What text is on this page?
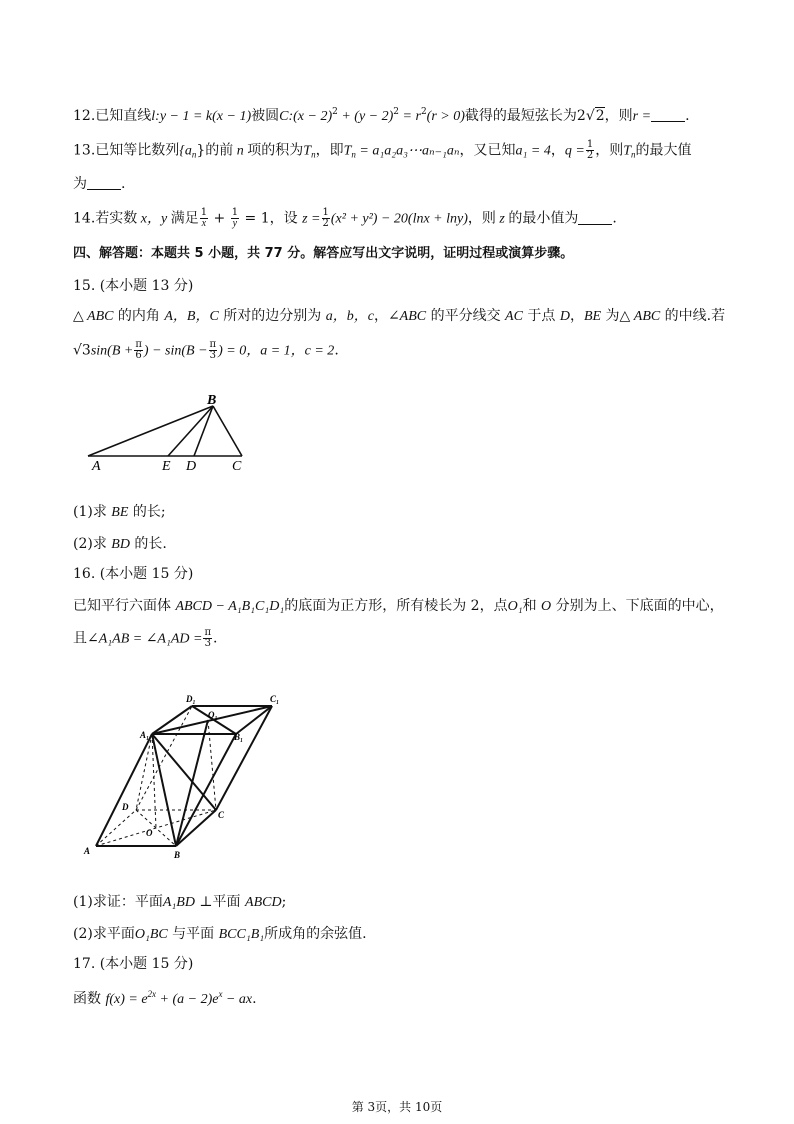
12.已知直线l:y − 1 = k(x − 1)被圆C:(x − $2)^2 + (y - 2)^2 = r^2(r > 0)$截得的最短弦长为2√2，则r = .
13.已知等比数列$\{a_n\}$的前 n 项的积为$T_n$，即$T_n$ = a₁a₂a₃⋯aₙ₋₁aₙ，又已知a₁ = 4，$q = \frac{1}{2}$ ，则$T_n$的最大值
为 .
14.若实数 x，y 满足 $\frac{1}{x} + \frac{1}{y} = 1$，设 $z = \frac{1}{2} (x^2 + y^2) - 20(\ln x + \ln y)$，则 z 的最小值为 .
四、解答题：本题共 5 小题，共 77 分。解答应写出文字说明，证明过程或演算步骤。
15. (本小题 13 分)
△ ABC 的内角 A，B，C 所对的边分别为 a，b，c，∠ABC 的平分线交 AC 于点 D，BE 为△ ABC 的中线.若
$√3\sin(B + \frac{\pi}{6}$ ) − $\sin(B - \frac{\pi}{3}$ ) = 0，a = 1，c = 2.
A	E D	C
B
(1)求 BE 的长;
(2)求 BD 的长.
16. (本小题 15 分)
已知平行六面体 ABCD − A₁B₁C₁D₁的底面为正方形，所有棱长为 2，点O₁和 O 分别为上、下底面的中心，
且∠A₁AB = ∠A₁AD = $\frac{\pi}{3}$ .
A	B
C
D
O
A₁	B₁
C₁
D₁
O₁
(1)求证：平面A₁BD ⊥平面 ABCD;
(2)求平面O₁BC 与平面 BCC₁B₁所成角的余弦值.
17. (本小题 15 分)
函数 $f(x) = e^{2x} + (a - 2)e^x$ − ax.
第 3页，共 10页
